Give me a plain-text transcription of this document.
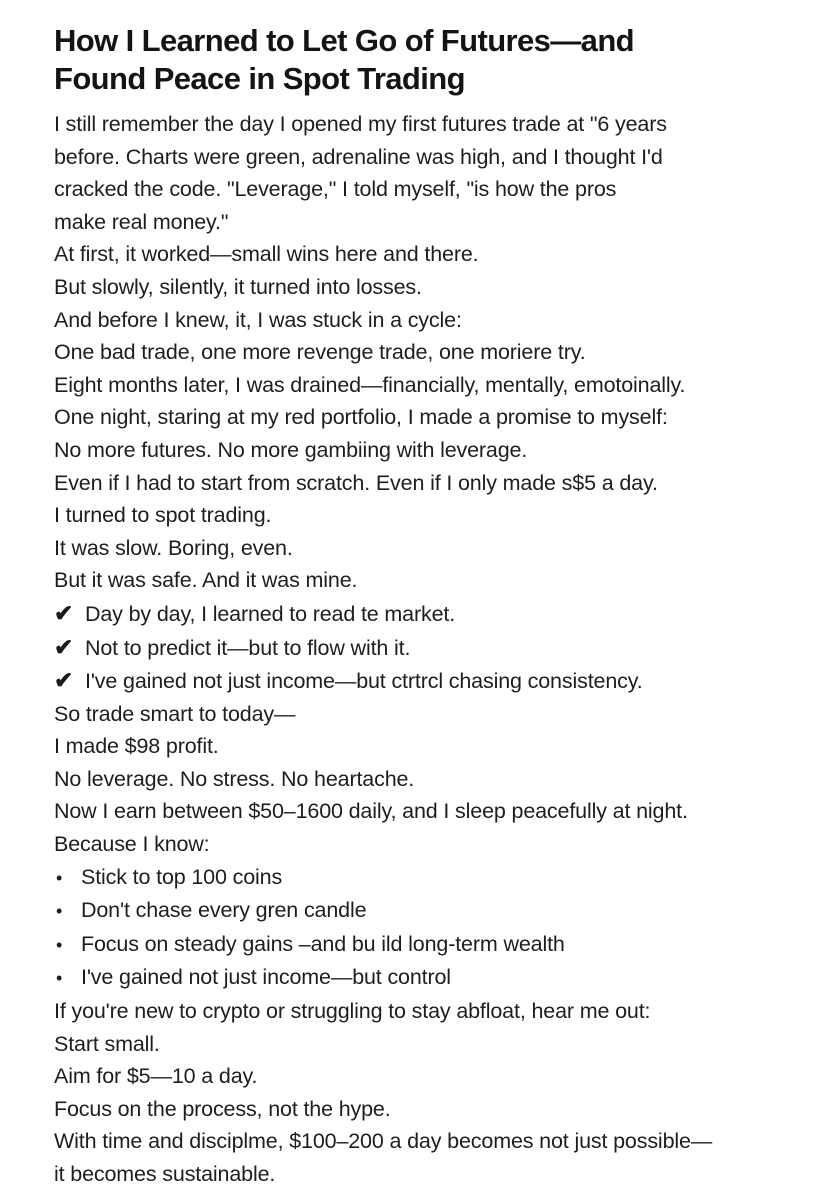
How I Learned to Let Go of Futures—and
Found Peace in Spot Trading
I still remember the day I opened my first futures trade at "6 years
before. Charts were green, adrenaline was high, and I thought I'd
cracked the code. "Leverage," I told myself, "is how the pros
make real money."
At first, it worked—small wins here and there.
But slowly, silently, it turned into losses.
And before I knew, it, I was stuck in a cycle:
One bad trade, one more revenge trade, one moriere try.
Eight months later, I was drained—financially, mentally, emotoinally.
One night, staring at my red portfolio, I made a promise to myself:
No more futures. No more gambiing with leverage.
Even if I had to start from scratch. Even if I only made s$5 a day.
I turned to spot trading.
It was slow. Boring, even.
But it was safe. And it was mine.
✔ Day by day, I learned to read te market.
✔ Not to predict it—but to flow with it.
✔ I've gained not just income—but ctrtrcl chasing consistency.
So trade smart to today—
I made $98 profit.
No leverage. No stress. No heartache.
Now I earn between $50–1600 daily, and I sleep peacefully at night.
Because I know:
• Stick to top 100 coins
• Don't chase every gren candle
• Focus on steady gains –and bu ild long-term wealth
• I've gained not just income—but control
If you're new to crypto or struggling to stay abfloat, hear me out:
Start small.
Aim for $5—10 a day.
Focus on the process, not the hype.
With time and disciplme, $100–200 a day becomes not just possible—
it becomes sustainable.
